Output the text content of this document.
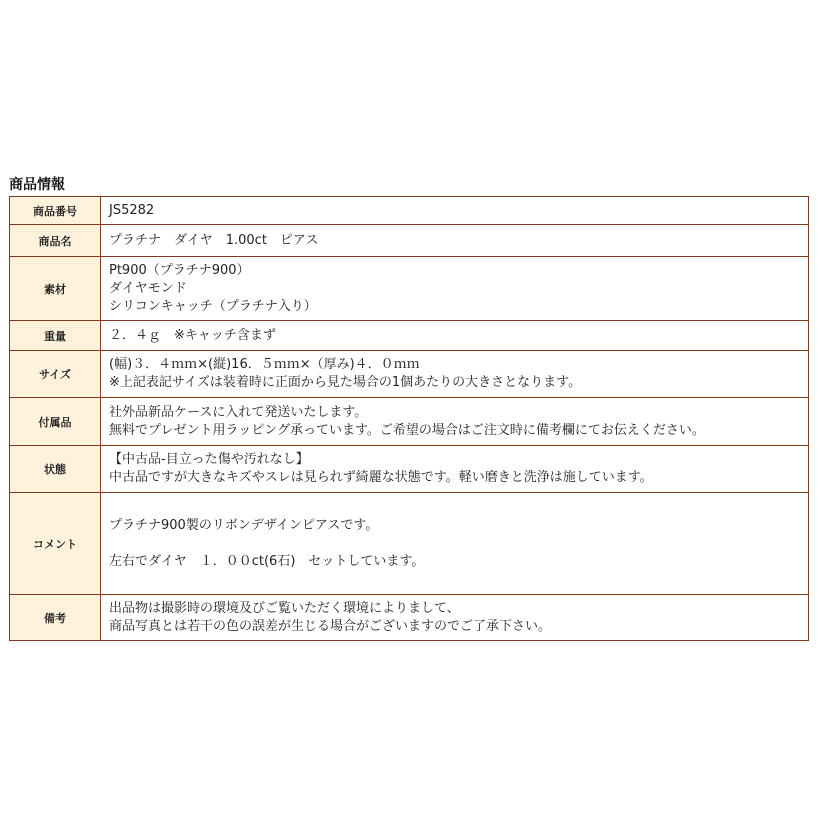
商品情報
商品番号	JS5282

商品名	プラチナ　ダイヤ　1.00ct　ピアス

素材	Pt900（プラチナ900）
ダイヤモンド
シリコンキャッチ（プラチナ入り）

重量	２．４ｇ　※キャッチ含まず

サイズ	(幅)３．４ｍｍ×(縦)16．５ｍｍ×（厚み)４．０ｍｍ
※上記表記サイズは装着時に正面から見た場合の1個あたりの大きさとなります。

付属品	社外品新品ケースに入れて発送いたします。
無料でプレゼント用ラッピング承っています。ご希望の場合はご注文時に備考欄にてお伝えください。

状態	【中古品-目立った傷や汚れなし】
中古品ですが大きなキズやスレは見られず綺麗な状態です。軽い磨きと洗浄は施しています。

コメント	プラチナ900製のリボンデザインピアスです。
左右でダイヤ　１．００ct(6石)　セットしています。

備考	出品物は撮影時の環境及びご覧いただく環境によりまして、
商品写真とは若干の色の誤差が生じる場合がございますのでご了承下さい。
